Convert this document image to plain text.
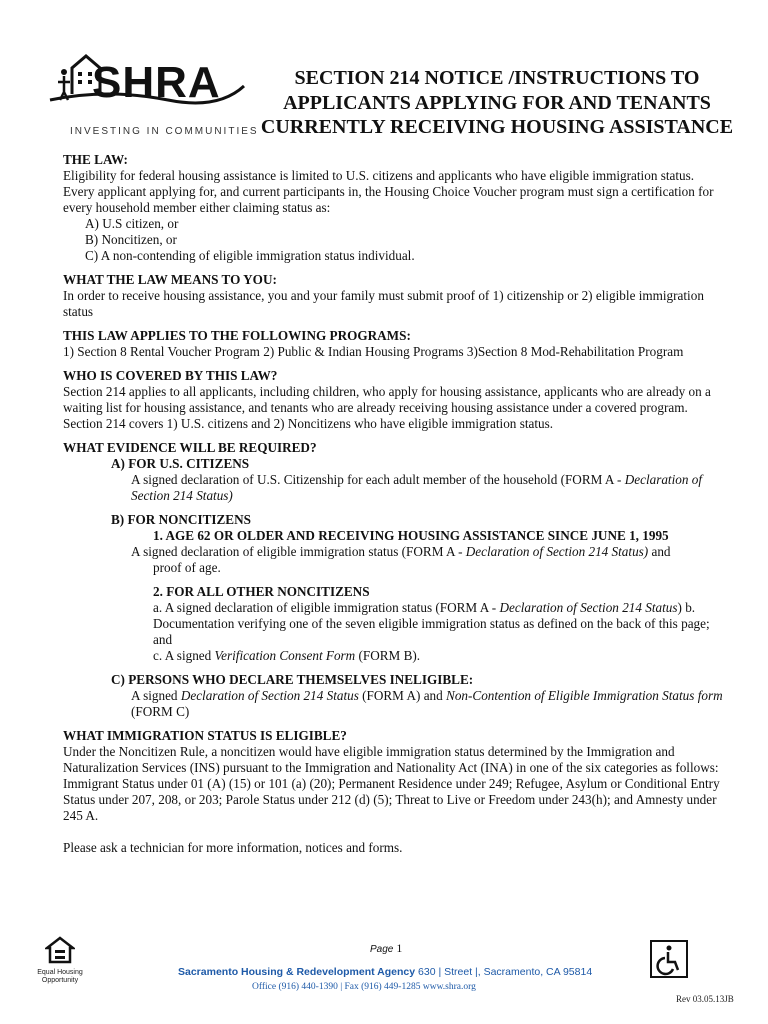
SHRA
INVESTING IN COMMUNITIES
SECTION 214 NOTICE /INSTRUCTIONS TO
APPLICANTS APPLYING FOR AND TENANTS
CURRENTLY RECEIVING HOUSING ASSISTANCE

THE LAW:

Eligibility for federal housing assistance is limited to U.S. citizens and applicants who have eligible immigration status. Every applicant applying for, and current participants in, the Housing Choice Voucher program must sign a certification for every household member either claiming status as:

A) U.S citizen, or

B) Noncitizen, or

C) A non-contending of eligible immigration status individual.

WHAT THE LAW MEANS TO YOU:

In order to receive housing assistance, you and your family must submit proof of 1) citizenship or 2) eligible immigration status

THIS LAW APPLIES TO THE FOLLOWING PROGRAMS:

1) Section 8 Rental Voucher Program 2) Public & Indian Housing Programs 3)Section 8 Mod-Rehabilitation Program

WHO IS COVERED BY THIS LAW?

Section 214 applies to all applicants, including children, who apply for housing assistance, applicants who are already on a waiting list for housing assistance, and tenants who are already receiving housing assistance under a covered program. Section 214 covers 1) U.S. citizens and 2) Noncitizens who have eligible immigration status.

WHAT EVIDENCE WILL BE REQUIRED?

A) FOR U.S. CITIZENS

A signed declaration of U.S. Citizenship for each adult member of the household (FORM A - Declaration of Section 214 Status)

B) FOR NONCITIZENS

1. AGE 62 OR OLDER AND RECEIVING HOUSING ASSISTANCE SINCE JUNE 1, 1995

A signed declaration of eligible immigration status (FORM A - Declaration of Section 214 Status) and

proof of age.

2. FOR ALL OTHER NONCITIZENS

a. A signed declaration of eligible immigration status (FORM A - Declaration of Section 214 Status) b. Documentation verifying one of the seven eligible immigration status as defined on the back of this page; and

c. A signed Verification Consent Form (FORM B).

C) PERSONS WHO DECLARE THEMSELVES INELIGIBLE:

A signed Declaration of Section 214 Status (FORM A) and Non-Contention of Eligible Immigration Status form (FORM C)

WHAT IMMIGRATION STATUS IS ELIGIBLE?

Under the Noncitizen Rule, a noncitizen would have eligible immigration status determined by the Immigration and Naturalization Services (INS) pursuant to the Immigration and Nationality Act (INA) in one of the six categories as follows: Immigrant Status under 01 (A) (15) or 101 (a) (20); Permanent Residence under 249; Refugee, Asylum or Conditional Entry Status under 207, 208, or 203; Parole Status under 212 (d) (5); Threat to Live or Freedom under 243(h); and Amnesty under 245 A.

Please ask a technician for more information, notices and forms.

Equal Housing Opportunity
Page 1
Sacramento Housing & Redevelopment Agency 630 | Street |, Sacramento, CA 95814
Office (916) 440-1390 | Fax (916) 449-1285 www.shra.org
Rev 03.05.13JB
